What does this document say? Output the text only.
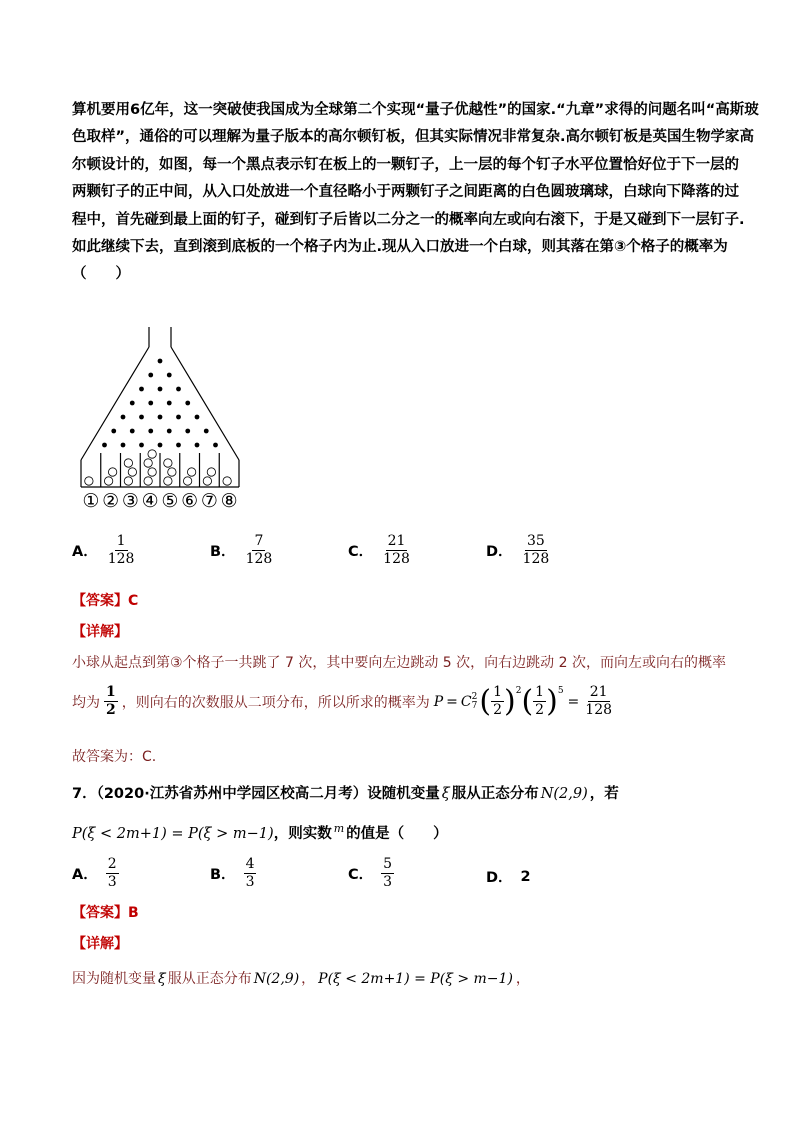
算机要用6亿年，这一突破使我国成为全球第二个实现“量子优越性”的国家.“九章”求得的问题名叫“高斯玻
色取样”，通俗的可以理解为量子版本的高尔顿钉板，但其实际情况非常复杂.高尔顿钉板是英国生物学家高
尔顿设计的，如图，每一个黑点表示钉在板上的一颗钉子，上一层的每个钉子水平位置恰好位于下一层的
两颗钉子的正中间，从入口处放进一个直径略小于两颗钉子之间距离的白色圆玻璃球，白球向下降落的过
程中，首先碰到最上面的钉子，碰到钉子后皆以二分之一的概率向左或向右滚下，于是又碰到下一层钉子.
如此继续下去，直到滚到底板的一个格子内为止.现从入口放进一个白球，则其落在第③个格子的概率为
（　　）
① ② ③ ④ ⑤ ⑥ ⑦ ⑧
A． $\frac{1}{128}$	B． $\frac{7}{128}$	C． $\frac{21}{128}$	D． $\frac{35}{128}$
【答案】C
【详解】
小球从起点到第③个格子一共跳了 7 次，其中要向左边跳动 5 次，向右边跳动 2 次，而向左或向右的概率
均为 $\frac{1}{2}$ ，则向右的次数服从二项分布，所以所求的概率为 P = C 2
7 ( $\frac{1}{2}$ ) 2 ( $\frac{1}{2}$ ) 5
= $\frac{21}{128}$
故答案为：C.
7．（2020·江苏省苏州中学园区校高二月考）设随机变量 ξ 服从正态分布 N(2,9) ，若
P(ξ < 2m+1) = P(ξ > m−1) ，则实数 m 的值是（　　）
A． $\frac{2}{3}$	B． $\frac{4}{3}$	C． $\frac{5}{3}$	D． 2
【答案】B
【详解】
因为随机变量 ξ 服从正态分布 N(2,9) ， P(ξ < 2m+1) = P(ξ > m−1) ，
